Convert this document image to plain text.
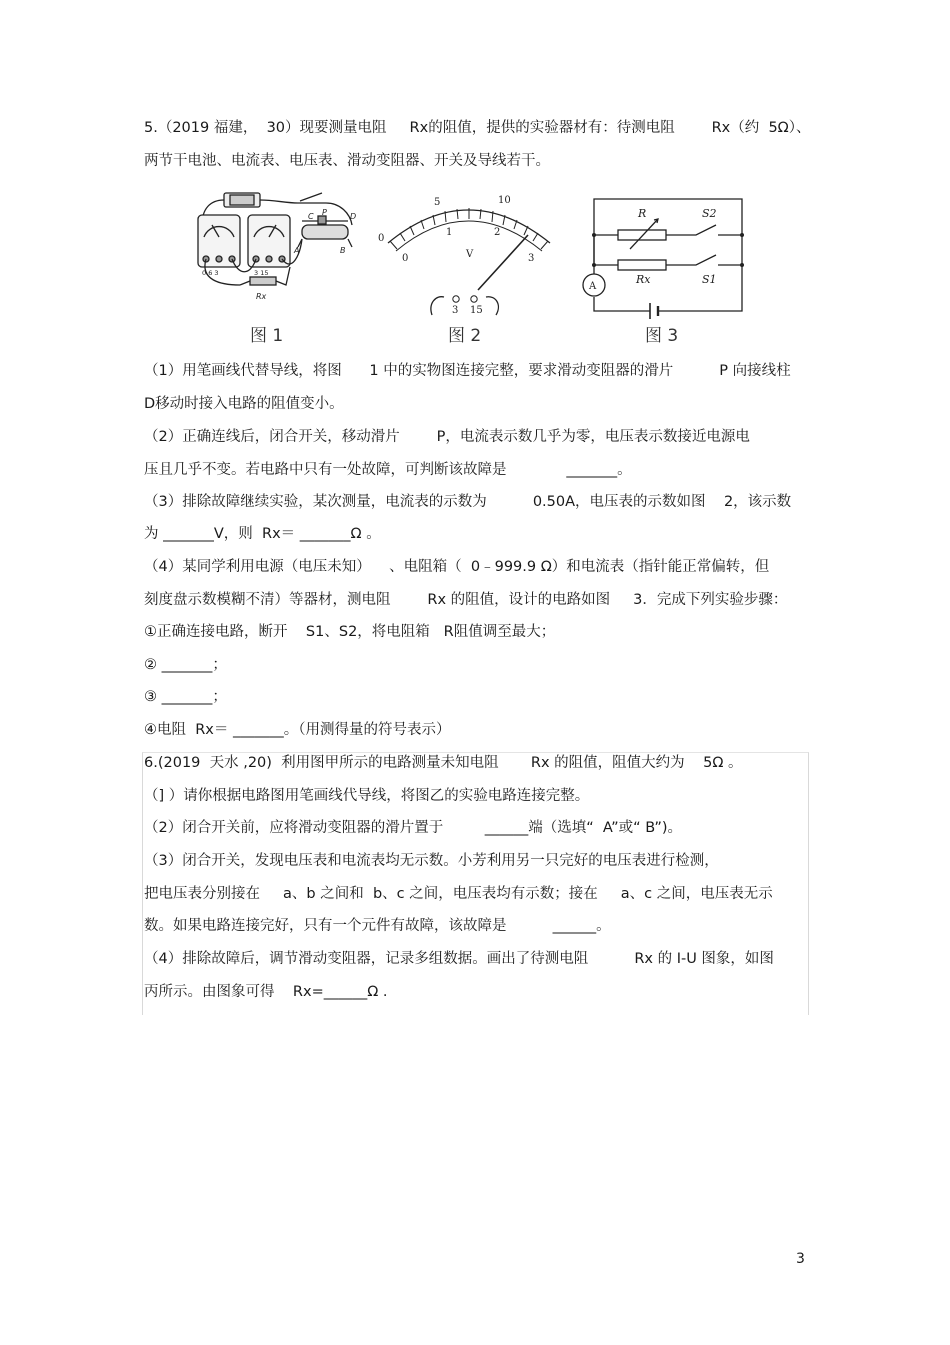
5.（2019 福建，  30）现要测量电阻     Rx的阻值，提供的实验器材有：待测电阻        Rx（约  5Ω）、
两节干电池、电流表、电压表、滑动变阻器、开关及导线若干。
C P
A	B
D
Rx
0.6 3	3 15
图 1
0
5	10
0
1	2
3
V
3 15
图 2
R	S2
Rx	S1
A
图 3
（1）用笔画线代替导线，将图      1 中的实物图连接完整，要求滑动变阻器的滑片          P 向接线柱
D移动时接入电路的阻值变小。
（2）正确连线后，闭合开关，移动滑片        P，电流表示数几乎为零，电压表示数接近电源电
压且几乎不变。若电路中只有一处故障，可判断该故障是             _______。
（3）排除故障继续实验，某次测量，电流表的示数为          0.50A，电压表的示数如图    2，该示数
为 _______V，则  Rx＝ _______Ω 。
（4）某同学利用电源（电压未知）    、电阻箱（  0﹣999.9 Ω）和电流表（指针能正常偏转，但
刻度盘示数模糊不清）等器材，测电阻        Rx 的阻值，设计的电路如图     3．完成下列实验步骤：
①正确连接电路，断开    S1、S2，将电阻箱   R阻值调至最大；
② _______；
③ _______；
④电阻  Rx＝ _______。（用测得量的符号表示）
6.(2019  天水 ,20)  利用图甲所示的电路测量未知电阻       Rx 的阻值，阻值大约为    5Ω 。
（] ）请你根据电路图用笔画线代导线，将图乙的实验电路连接完整。
（2）闭合开关前，应将滑动变阻器的滑片置于         ______端（选填“  A”或“ B”)。
（3）闭合开关，发现电压表和电流表均无示数。小芳利用另一只完好的电压表进行检测，
把电压表分别接在     a、b 之间和  b、c 之间，电压表均有示数；接在     a、c 之间，电压表无示
数。如果电路连接完好，只有一个元件有故障，该故障是          ______。
（4）排除故障后，调节滑动变阻器，记录多组数据。画出了待测电阻          Rx 的 I-U 图象，如图
丙所示。由图象可得    Rx=______Ω .
3
